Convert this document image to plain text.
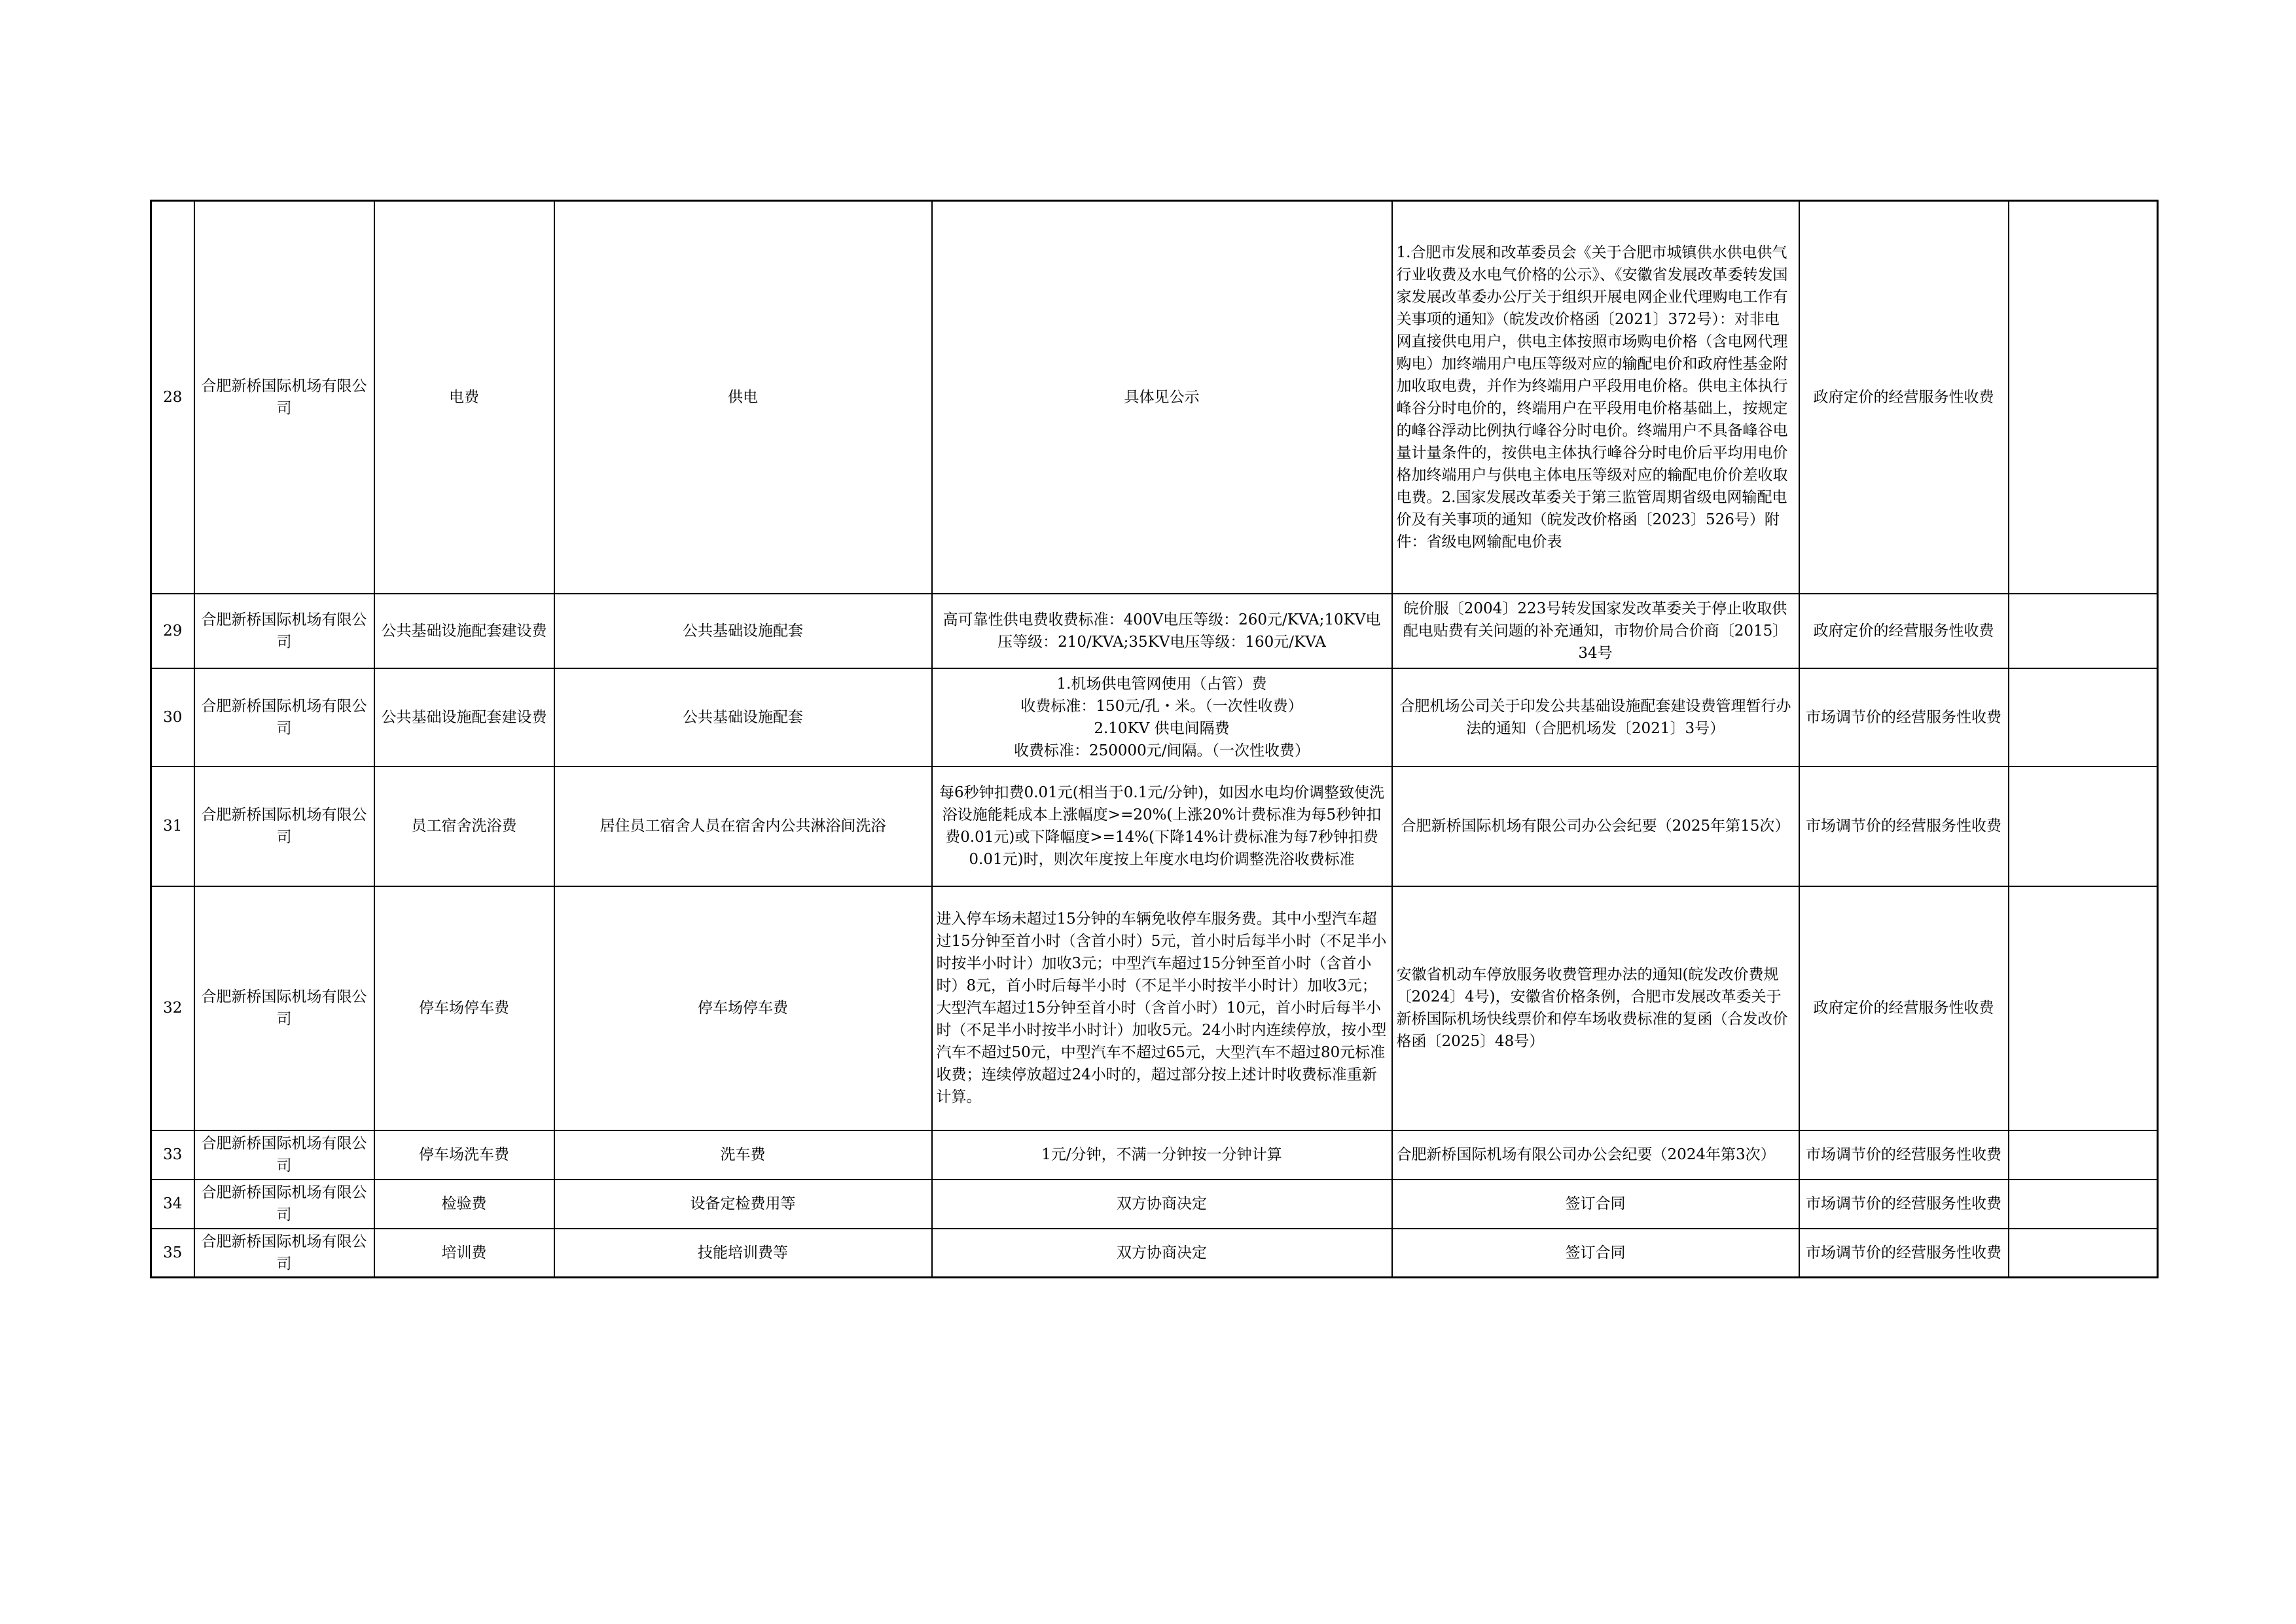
28	合肥新桥国际机场有限公司	电费	供电	具体见公示	1.合肥市发展和改革委员会《关于合肥市城镇供水供电供气行业收费及水电气价格的公示》、《安徽省发展改革委转发国家发展改革委办公厅关于组织开展电网企业代理购电工作有关事项的通知》（皖发改价格函〔2021〕372号）：对非电网直接供电用户，供电主体按照市场购电价格（含电网代理购电）加终端用户电压等级对应的输配电价和政府性基金附加收取电费，并作为终端用户平段用电价格。供电主体执行峰谷分时电价的，终端用户在平段用电价格基础上，按规定的峰谷浮动比例执行峰谷分时电价。终端用户不具备峰谷电量计量条件的，按供电主体执行峰谷分时电价后平均用电价格加终端用户与供电主体电压等级对应的输配电价价差收取电费。2.国家发展改革委关于第三监管周期省级电网输配电价及有关事项的通知（皖发改价格函〔2023〕526号）附件：省级电网输配电价表	政府定价的经营服务性收费	
29	合肥新桥国际机场有限公司	公共基础设施配套建设费	公共基础设施配套	高可靠性供电费收费标准：400V电压等级：260元/KVA;10KV电压等级：210/KVA;35KV电压等级：160元/KVA	皖价服〔2004〕223号转发国家发改革委关于停止收取供配电贴费有关问题的补充通知，市物价局合价商〔2015〕34号	政府定价的经营服务性收费	
30	合肥新桥国际机场有限公司	公共基础设施配套建设费	公共基础设施配套	1.机场供电管网使用（占管）费
收费标准：150元/孔・米。（一次性收费）
2.10KV 供电间隔费
收费标准：250000元/间隔。（一次性收费）	合肥机场公司关于印发公共基础设施配套建设费管理暂行办法的通知（合肥机场发〔2021〕3号）	市场调节价的经营服务性收费	
31	合肥新桥国际机场有限公司	员工宿舍洗浴费	居住员工宿舍人员在宿舍内公共淋浴间洗浴	每6秒钟扣费0.01元(相当于0.1元/分钟)，如因水电均价调整致使洗浴设施能耗成本上涨幅度>=20%(上涨20%计费标准为每5秒钟扣费0.01元)或下降幅度>=14%(下降14%计费标准为每7秒钟扣费0.01元)时，则次年度按上年度水电均价调整洗浴收费标准	合肥新桥国际机场有限公司办公会纪要（2025年第15次）	市场调节价的经营服务性收费	
32	合肥新桥国际机场有限公司	停车场停车费	停车场停车费	进入停车场未超过15分钟的车辆免收停车服务费。其中小型汽车超过15分钟至首小时（含首小时）5元，首小时后每半小时（不足半小时按半小时计）加收3元；中型汽车超过15分钟至首小时（含首小时）8元，首小时后每半小时（不足半小时按半小时计）加收3元；大型汽车超过15分钟至首小时（含首小时）10元，首小时后每半小时（不足半小时按半小时计）加收5元。24小时内连续停放，按小型汽车不超过50元，中型汽车不超过65元，大型汽车不超过80元标准收费；连续停放超过24小时的，超过部分按上述计时收费标准重新计算。	安徽省机动车停放服务收费管理办法的通知(皖发改价费规〔2024〕4号)，安徽省价格条例，合肥市发展改革委关于新桥国际机场快线票价和停车场收费标准的复函（合发改价格函〔2025〕48号）	政府定价的经营服务性收费	
33	合肥新桥国际机场有限公司	停车场洗车费	洗车费	1元/分钟，不满一分钟按一分钟计算	合肥新桥国际机场有限公司办公会纪要（2024年第3次）	市场调节价的经营服务性收费	
34	合肥新桥国际机场有限公司	检验费	设备定检费用等	双方协商决定	签订合同	市场调节价的经营服务性收费	
35	合肥新桥国际机场有限公司	培训费	技能培训费等	双方协商决定	签订合同	市场调节价的经营服务性收费	
